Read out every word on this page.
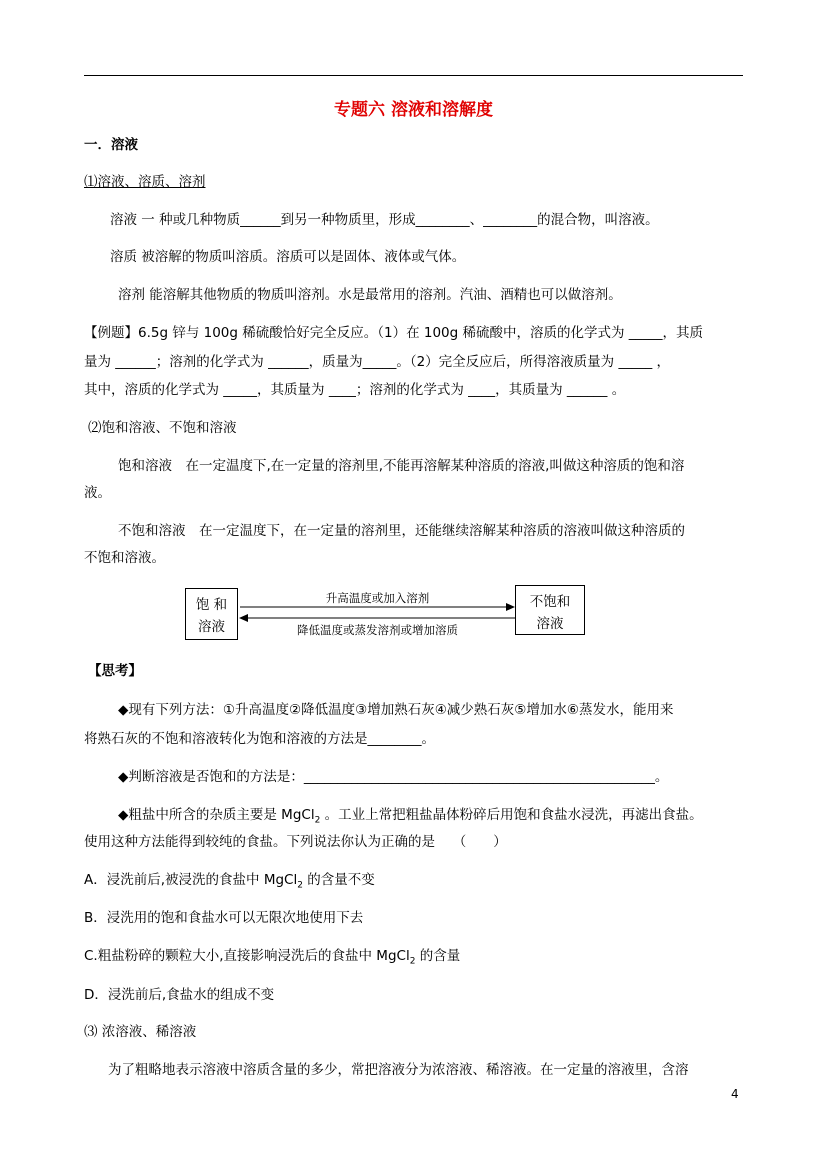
专题六 溶液和溶解度
一．溶液
⑴溶液、溶质、溶剂
溶液 一 种或几种物质______到另一种物质里，形成________、________的混合物，叫溶液。
溶质 被溶解的物质叫溶质。溶质可以是固体、液体或气体。
溶剂 能溶解其他物质的物质叫溶剂。水是最常用的溶剂。汽油、酒精也可以做溶剂。
【例题】6.5g 锌与 100g 稀硫酸恰好完全反应。（1）在 100g 稀硫酸中，溶质的化学式为 _____，其质
量为 ______；溶剂的化学式为 ______，质量为_____。（2）完全反应后，所得溶液质量为 _____ ，
其中，溶质的化学式为 _____，其质量为 ____；溶剂的化学式为 ____，其质量为 ______ 。
⑵饱和溶液、不饱和溶液
饱和溶液　在一定温度下,在一定量的溶剂里,不能再溶解某种溶质的溶液,叫做这种溶质的饱和溶
液。
不饱和溶液　在一定温度下，在一定量的溶剂里，还能继续溶解某种溶质的溶液叫做这种溶质的
不饱和溶液。
饱 和
溶液
不饱和
溶液
升高温度或加入溶剂
降低温度或蒸发溶剂或增加溶质
【思考】
◆现有下列方法：①升高温度②降低温度③增加熟石灰④减少熟石灰⑤增加水⑥蒸发水，能用来
将熟石灰的不饱和溶液转化为饱和溶液的方法是________。
◆判断溶液是否饱和的方法是：____________________________________________________。
◆粗盐中所含的杂质主要是 MgCl$_2$ 。工业上常把粗盐晶体粉碎后用饱和食盐水浸洗，再滤出食盐。
使用这种方法能得到较纯的食盐。下列说法你认为正确的是　 （　　）
A．浸洗前后,被浸洗的食盐中 MgCl$_2$ 的含量不变
B．浸洗用的饱和食盐水可以无限次地使用下去
C.粗盐粉碎的颗粒大小,直接影响浸洗后的食盐中 MgCl$_2$ 的含量
D．浸洗前后,食盐水的组成不变
⑶ 浓溶液、稀溶液
为了粗略地表示溶液中溶质含量的多少，常把溶液分为浓溶液、稀溶液。在一定量的溶液里，含溶
4
